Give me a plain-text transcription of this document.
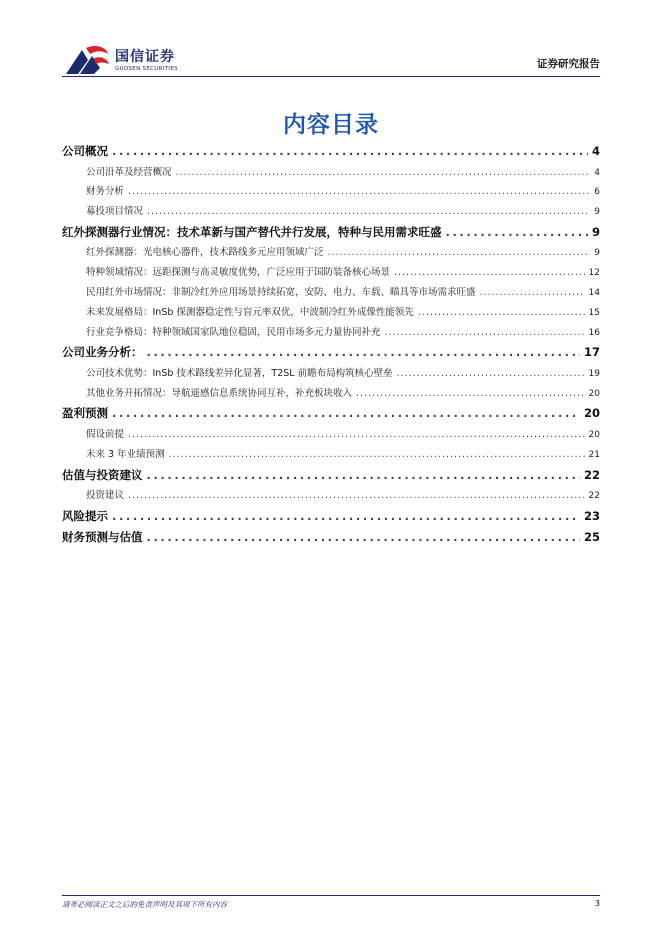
国信证券
GUOSEN SECURITIES	证券研究报告
内容目录
公司概况 .....	4
公司沿革及经营概况 .....	4
财务分析 .....	6
募投项目情况 .....	9
红外探测器行业情况：技术革新与国产替代并行发展，特种与民用需求旺盛 .....	9
红外探测器：光电核心器件，技术路线多元应用领域广泛 .....	9
特种领域情况：远距探测与高灵敏度优势，广泛应用于国防装备核心场景 .....	12
民用红外市场情况：非制冷红外应用场景持续拓宽，安防、电力、车载、瞄具等市场需求旺盛 .....	14
未来发展格局：InSb 探测器稳定性与盲元率双优，中波制冷红外成像性能领先 .....	15
行业竞争格局：特种领域国家队地位稳固，民用市场多元力量协同补充 .....	16
公司业务分析： .....	17
公司技术优势：InSb 技术路线差异化显著，T2SL 前瞻布局构筑核心壁垒 .....	19
其他业务开拓情况：导航遥感信息系统协同互补，补充板块收入 .....	20
盈利预测 .....	20
假设前提 .....	20
未来 3 年业绩预测 .....	21
估值与投资建议 .....	22
投资建议 .....	22
风险提示 .....	23
财务预测与估值 .....	25
请务必阅读正文之后的免责声明及其项下所有内容	3
